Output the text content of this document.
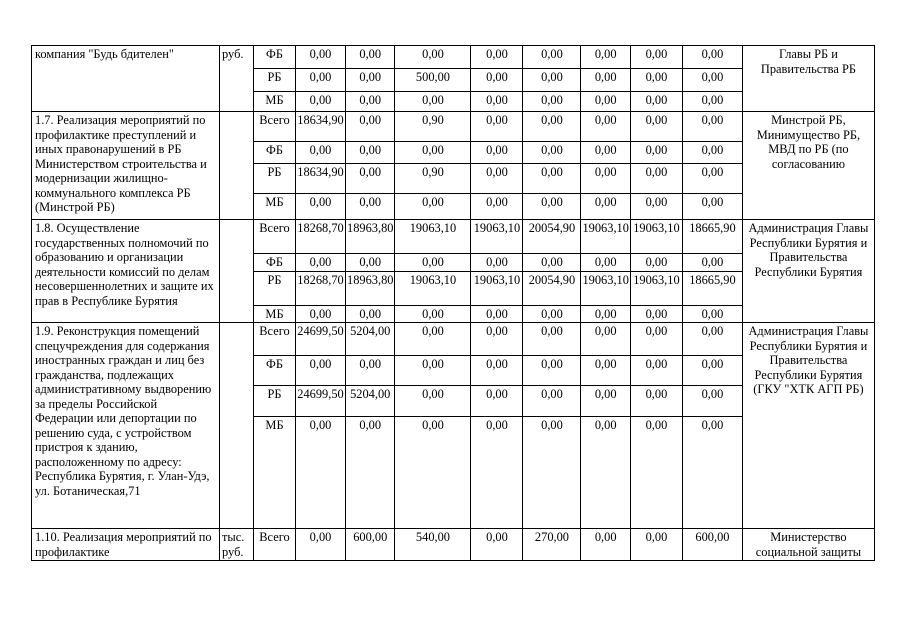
компания "Будь бдителен"	руб.	ФБ	0,00	0,00	0,00	0,00	0,00	0,00	0,00	0,00	Главы РБ и Правительства РБ
		РБ	0,00	0,00	500,00	0,00	0,00	0,00	0,00	0,00	
		МБ	0,00	0,00	0,00	0,00	0,00	0,00	0,00	0,00	
1.7. Реализация мероприятий по профилактике преступлений и иных правонарушений в РБ Министерством строительства и модернизации жилищно-коммунального комплекса РБ (Минстрой РБ)		Всего	18634,90	0,00	0,90	0,00	0,00	0,00	0,00	0,00	Минстрой РБ, Минимущество РБ, МВД по РБ (по согласованию
		ФБ	0,00	0,00	0,00	0,00	0,00	0,00	0,00	0,00	
		РБ	18634,90	0,00	0,90	0,00	0,00	0,00	0,00	0,00	
		МБ	0,00	0,00	0,00	0,00	0,00	0,00	0,00	0,00	
1.8. Осуществление государственных полномочий по образованию и организации деятельности комиссий по делам несовершеннолетних и защите их прав в Республике Бурятия		Всего	18268,70	18963,80	19063,10	19063,10	20054,90	19063,10	19063,10	18665,90	Администрация Главы Республики Бурятия и Правительства Республики Бурятия
		ФБ	0,00	0,00	0,00	0,00	0,00	0,00	0,00	0,00	
		РБ	18268,70	18963,80	19063,10	19063,10	20054,90	19063,10	19063,10	18665,90	
		МБ	0,00	0,00	0,00	0,00	0,00	0,00	0,00	0,00	
1.9. Реконструкция помещений спецучреждения для содержания иностранных граждан и лиц без гражданства, подлежащих административному выдворению за пределы Российской Федерации или депортации по решению суда, с устройством пристроя к зданию, расположенному по адресу: Республика Бурятия, г. Улан-Удэ, ул. Ботаническая,71		Всего	24699,50	5204,00	0,00	0,00	0,00	0,00	0,00	0,00	Администрация Главы Республики Бурятия и Правительства Республики Бурятия (ГКУ "ХТК АГП РБ)
		ФБ	0,00	0,00	0,00	0,00	0,00	0,00	0,00	0,00	
		РБ	24699,50	5204,00	0,00	0,00	0,00	0,00	0,00	0,00	
		МБ	0,00	0,00	0,00	0,00	0,00	0,00	0,00	0,00	
1.10. Реализация мероприятий по профилактике	тыс. руб.	Всего	0,00	600,00	540,00	0,00	270,00	0,00	0,00	600,00	Министерство социальной защиты
